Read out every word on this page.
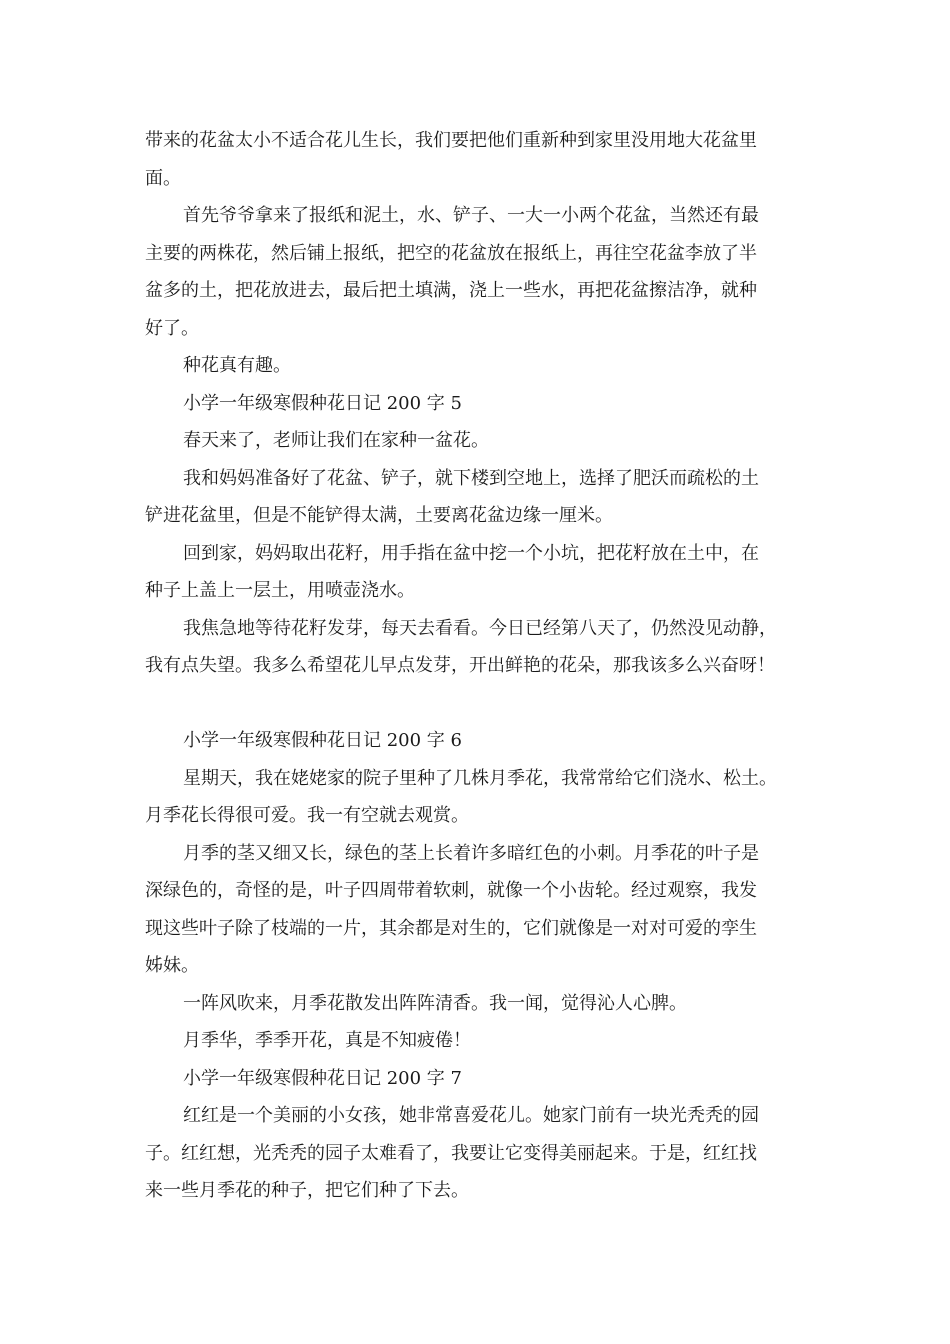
带来的花盆太小不适合花儿生长，我们要把他们重新种到家里没用地大花盆里
面。
首先爷爷拿来了报纸和泥土，水、铲子、一大一小两个花盆，当然还有最
主要的两株花，然后铺上报纸，把空的花盆放在报纸上，再往空花盆李放了半
盆多的土，把花放进去，最后把土填满，浇上一些水，再把花盆擦洁净，就种
好了。
种花真有趣。
小学一年级寒假种花日记 200 字 5
春天来了，老师让我们在家种一盆花。
我和妈妈准备好了花盆、铲子，就下楼到空地上，选择了肥沃而疏松的土
铲进花盆里，但是不能铲得太满，土要离花盆边缘一厘米。
回到家，妈妈取出花籽，用手指在盆中挖一个小坑，把花籽放在土中，在
种子上盖上一层土，用喷壶浇水。
我焦急地等待花籽发芽，每天去看看。今日已经第八天了，仍然没见动静，
我有点失望。我多么希望花儿早点发芽，开出鲜艳的花朵，那我该多么兴奋呀！
小学一年级寒假种花日记 200 字 6
星期天，我在姥姥家的院子里种了几株月季花，我常常给它们浇水、松土。
月季花长得很可爱。我一有空就去观赏。
月季的茎又细又长，绿色的茎上长着许多暗红色的小刺。月季花的叶子是
深绿色的，奇怪的是，叶子四周带着软刺，就像一个小齿轮。经过观察，我发
现这些叶子除了枝端的一片，其余都是对生的，它们就像是一对对可爱的孪生
姊妹。
一阵风吹来，月季花散发出阵阵清香。我一闻，觉得沁人心脾。
月季华，季季开花，真是不知疲倦！
小学一年级寒假种花日记 200 字 7
红红是一个美丽的小女孩，她非常喜爱花儿。她家门前有一块光秃秃的园
子。红红想，光秃秃的园子太难看了，我要让它变得美丽起来。于是，红红找
来一些月季花的种子，把它们种了下去。
